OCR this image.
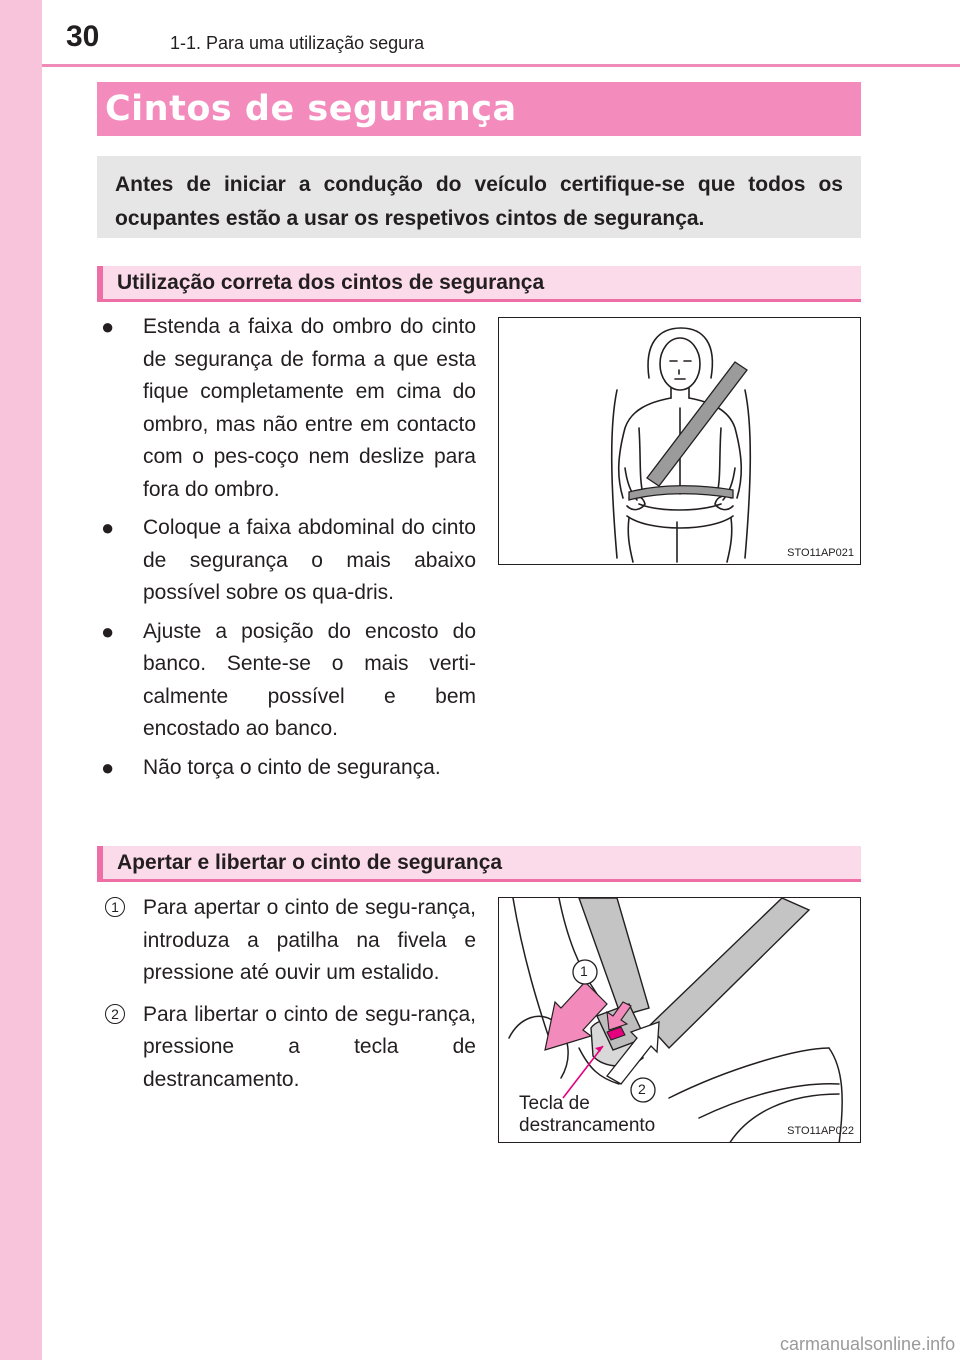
30	1-1. Para uma utilização segura
Cintos de segurança
Antes de iniciar a condução do veículo certifique-se que todos os ocupantes estão a usar os respetivos cintos de segurança.
Utilização correta dos cintos de segurança
● Estenda a faixa do ombro do cinto de segurança de forma a que esta fique completamente em cima do ombro, mas não entre em contacto com o pes-coço nem deslize para fora do ombro.
● Coloque a faixa abdominal do cinto de segurança o mais abaixo possível sobre os qua-dris.
● Ajuste a posição do encosto do banco. Sente-se o mais verti-calmente possível e bem encostado ao banco.
● Não torça o cinto de segurança.
STO11AP021
Apertar e libertar o cinto de segurança
1 Para apertar o cinto de segu-rança, introduza a patilha na fivela e pressione até ouvir um estalido.
2 Para libertar o cinto de segu-rança, pressione a tecla de destrancamento.
1
2
Tecla de
destrancamento	STO11AP022
carmanualsonline.info
